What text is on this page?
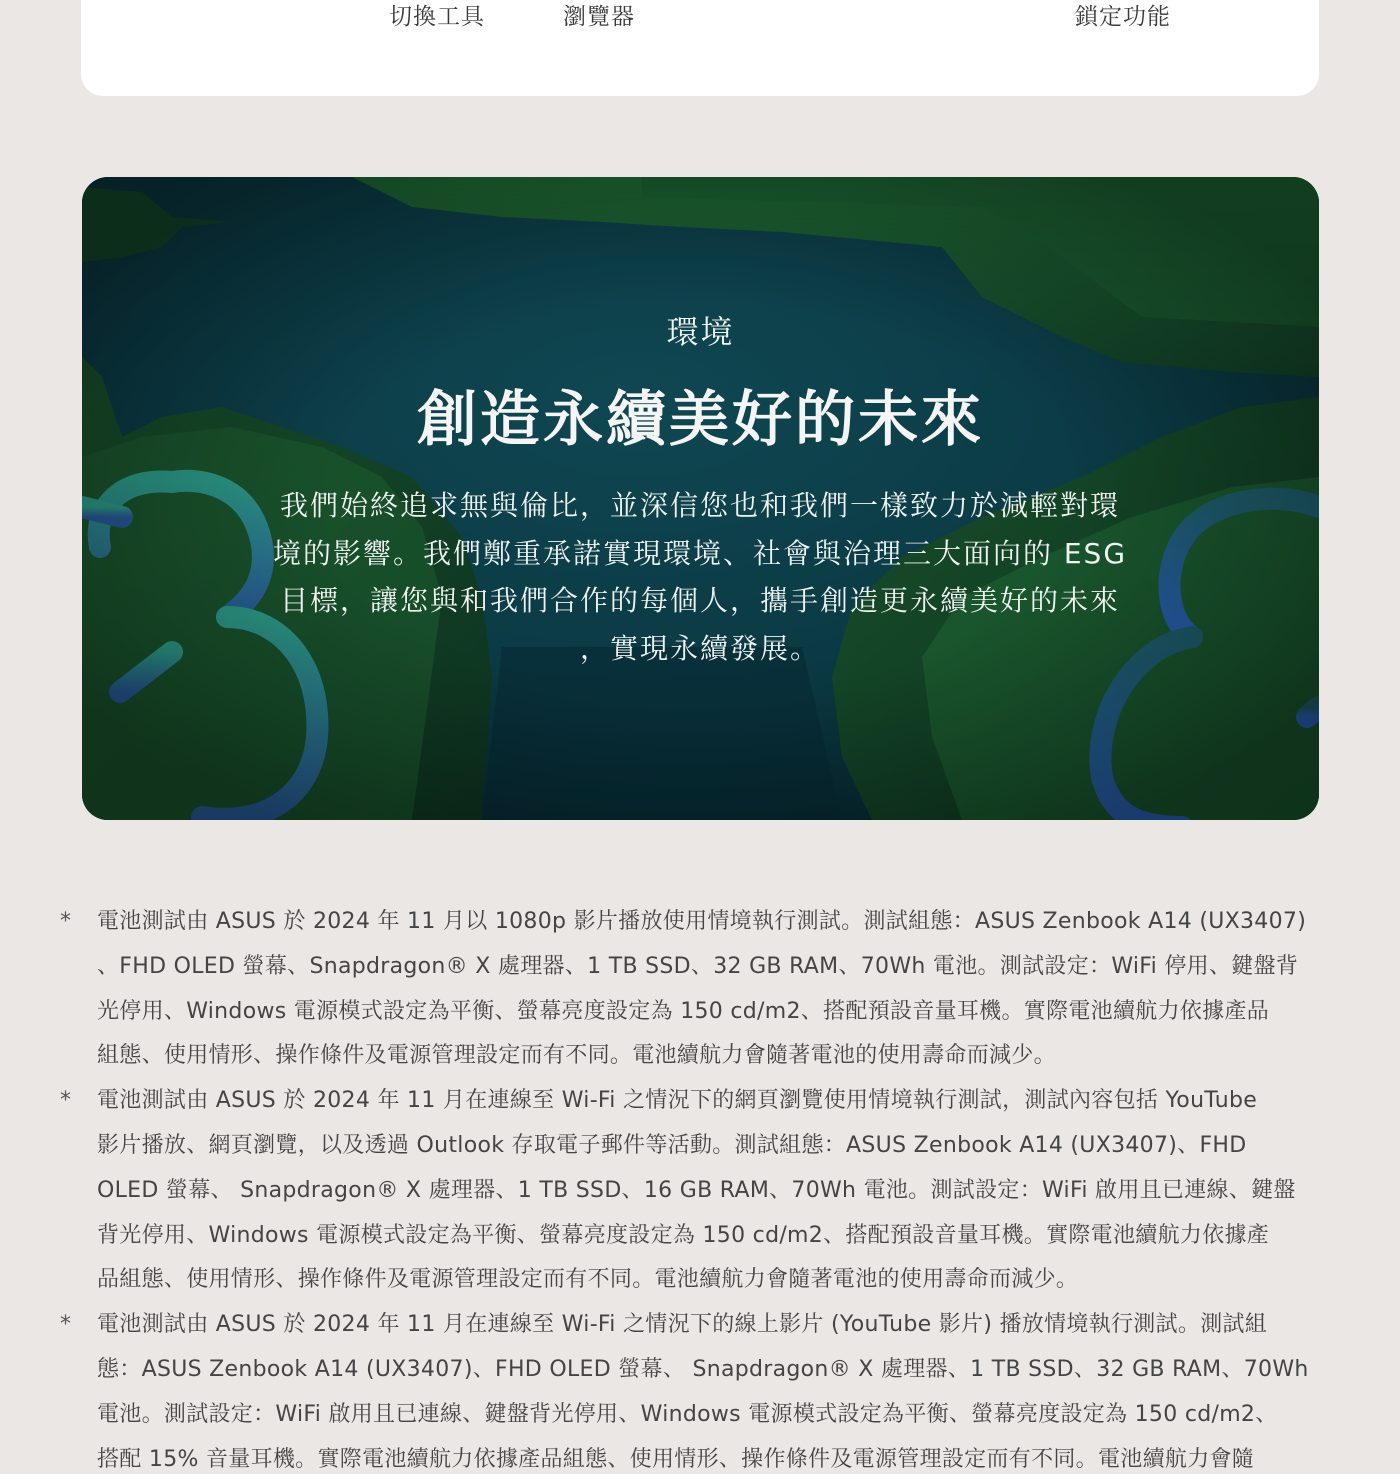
切換工具	瀏覽器	鎖定功能
環境
創造永續美好的未來

我們始終追求無與倫比，並深信您也和我們一樣致力於減輕對環
境的影響。我們鄭重承諾實現環境、社會與治理三大面向的 ESG
目標，讓您與和我們合作的每個人，攜手創造更永續美好的未來
，實現永續發展。

* 電池測試由 ASUS 於 2024 年 11 月以 1080p 影片播放使用情境執行測試。測試組態：ASUS Zenbook A14 (UX3407)
、FHD OLED 螢幕、Snapdragon® X 處理器、1 TB SSD、32 GB RAM、70Wh 電池。測試設定：WiFi 停用、鍵盤背
光停用、Windows 電源模式設定為平衡、螢幕亮度設定為 150 cd/m2、搭配預設音量耳機。實際電池續航力依據產品
組態、使用情形、操作條件及電源管理設定而有不同。電池續航力會隨著電池的使用壽命而減少。
* 電池測試由 ASUS 於 2024 年 11 月在連線至 Wi-Fi 之情況下的網頁瀏覽使用情境執行測試，測試內容包括 YouTube
影片播放、網頁瀏覽，以及透過 Outlook 存取電子郵件等活動。測試組態：ASUS Zenbook A14 (UX3407)、FHD
OLED 螢幕、 Snapdragon® X 處理器、1 TB SSD、16 GB RAM、70Wh 電池。測試設定：WiFi 啟用且已連線、鍵盤
背光停用、Windows 電源模式設定為平衡、螢幕亮度設定為 150 cd/m2、搭配預設音量耳機。實際電池續航力依據產
品組態、使用情形、操作條件及電源管理設定而有不同。電池續航力會隨著電池的使用壽命而減少。
* 電池測試由 ASUS 於 2024 年 11 月在連線至 Wi-Fi 之情況下的線上影片 (YouTube 影片) 播放情境執行測試。測試組
態：ASUS Zenbook A14 (UX3407)、FHD OLED 螢幕、 Snapdragon® X 處理器、1 TB SSD、32 GB RAM、70Wh
電池。測試設定：WiFi 啟用且已連線、鍵盤背光停用、Windows 電源模式設定為平衡、螢幕亮度設定為 150 cd/m2、
搭配 15% 音量耳機。實際電池續航力依據產品組態、使用情形、操作條件及電源管理設定而有不同。電池續航力會隨
